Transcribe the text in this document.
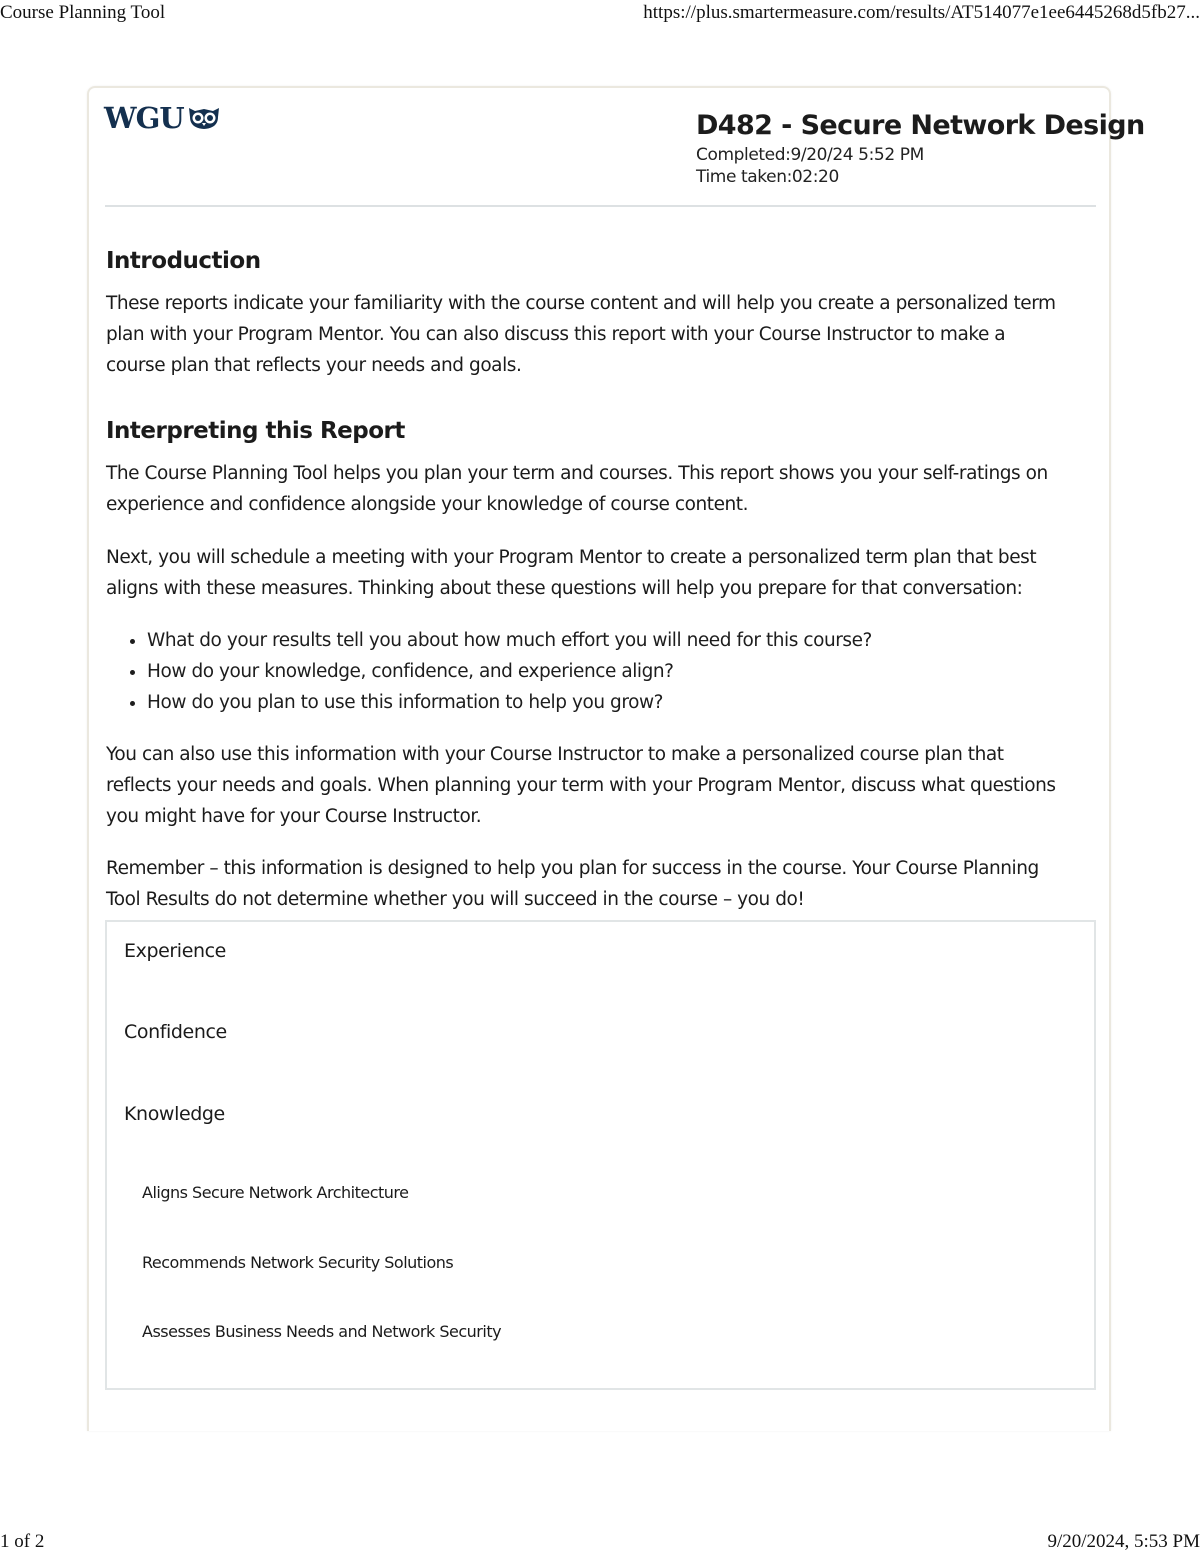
Course Planning Tool	https://plus.smartermeasure.com/results/AT514077e1ee6445268d5fb27...
WGU	D482 - Secure Network Design
Completed:9/20/24 5:52 PM
Time taken:02:20
Introduction

These reports indicate your familiarity with the course content and will help you create a personalized term
plan with your Program Mentor. You can also discuss this report with your Course Instructor to make a
course plan that reflects your needs and goals.

Interpreting this Report

The Course Planning Tool helps you plan your term and courses. This report shows you your self-ratings on
experience and confidence alongside your knowledge of course content.

Next, you will schedule a meeting with your Program Mentor to create a personalized term plan that best
aligns with these measures. Thinking about these questions will help you prepare for that conversation:

• What do your results tell you about how much effort you will need for this course?
• How do your knowledge, confidence, and experience align?
• How do you plan to use this information to help you grow?

You can also use this information with your Course Instructor to make a personalized course plan that
reflects your needs and goals. When planning your term with your Program Mentor, discuss what questions
you might have for your Course Instructor.

Remember – this information is designed to help you plan for success in the course. Your Course Planning
Tool Results do not determine whether you will succeed in the course – you do!

Experience
Confidence
Knowledge
Aligns Secure Network Architecture
Recommends Network Security Solutions
Assesses Business Needs and Network Security
1 of 2	9/20/2024, 5:53 PM
